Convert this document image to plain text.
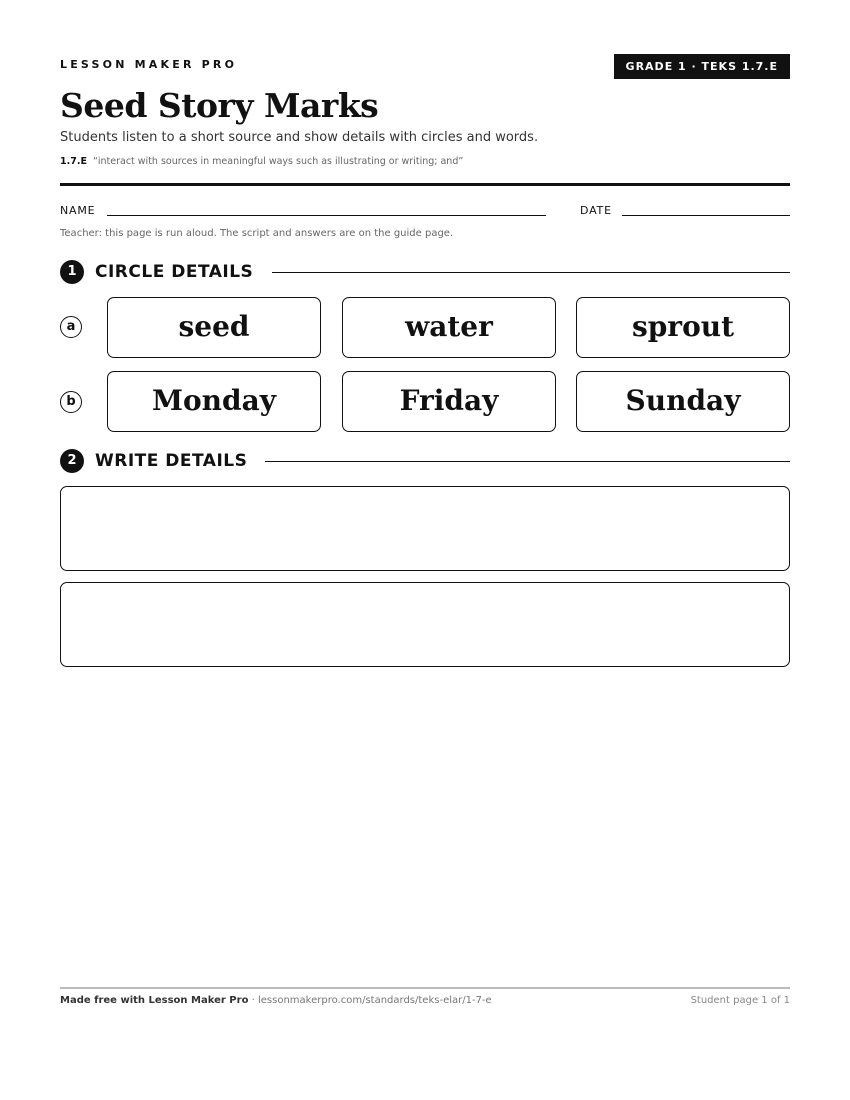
LESSON MAKER PRO	GRADE 1 · TEKS 1.7.E
Seed Story Marks
Students listen to a short source and show details with circles and words.
1.7.E “interact with sources in meaningful ways such as illustrating or writing; and”
NAME	DATE
Teacher: this page is run aloud. The script and answers are on the guide page.
1	CIRCLE DETAILS
a	seed	water	sprout
b	Monday	Friday	Sunday
2	WRITE DETAILS
Made free with Lesson Maker Pro · lessonmakerpro.com/standards/teks-elar/1-7-e	Student page 1 of 1
